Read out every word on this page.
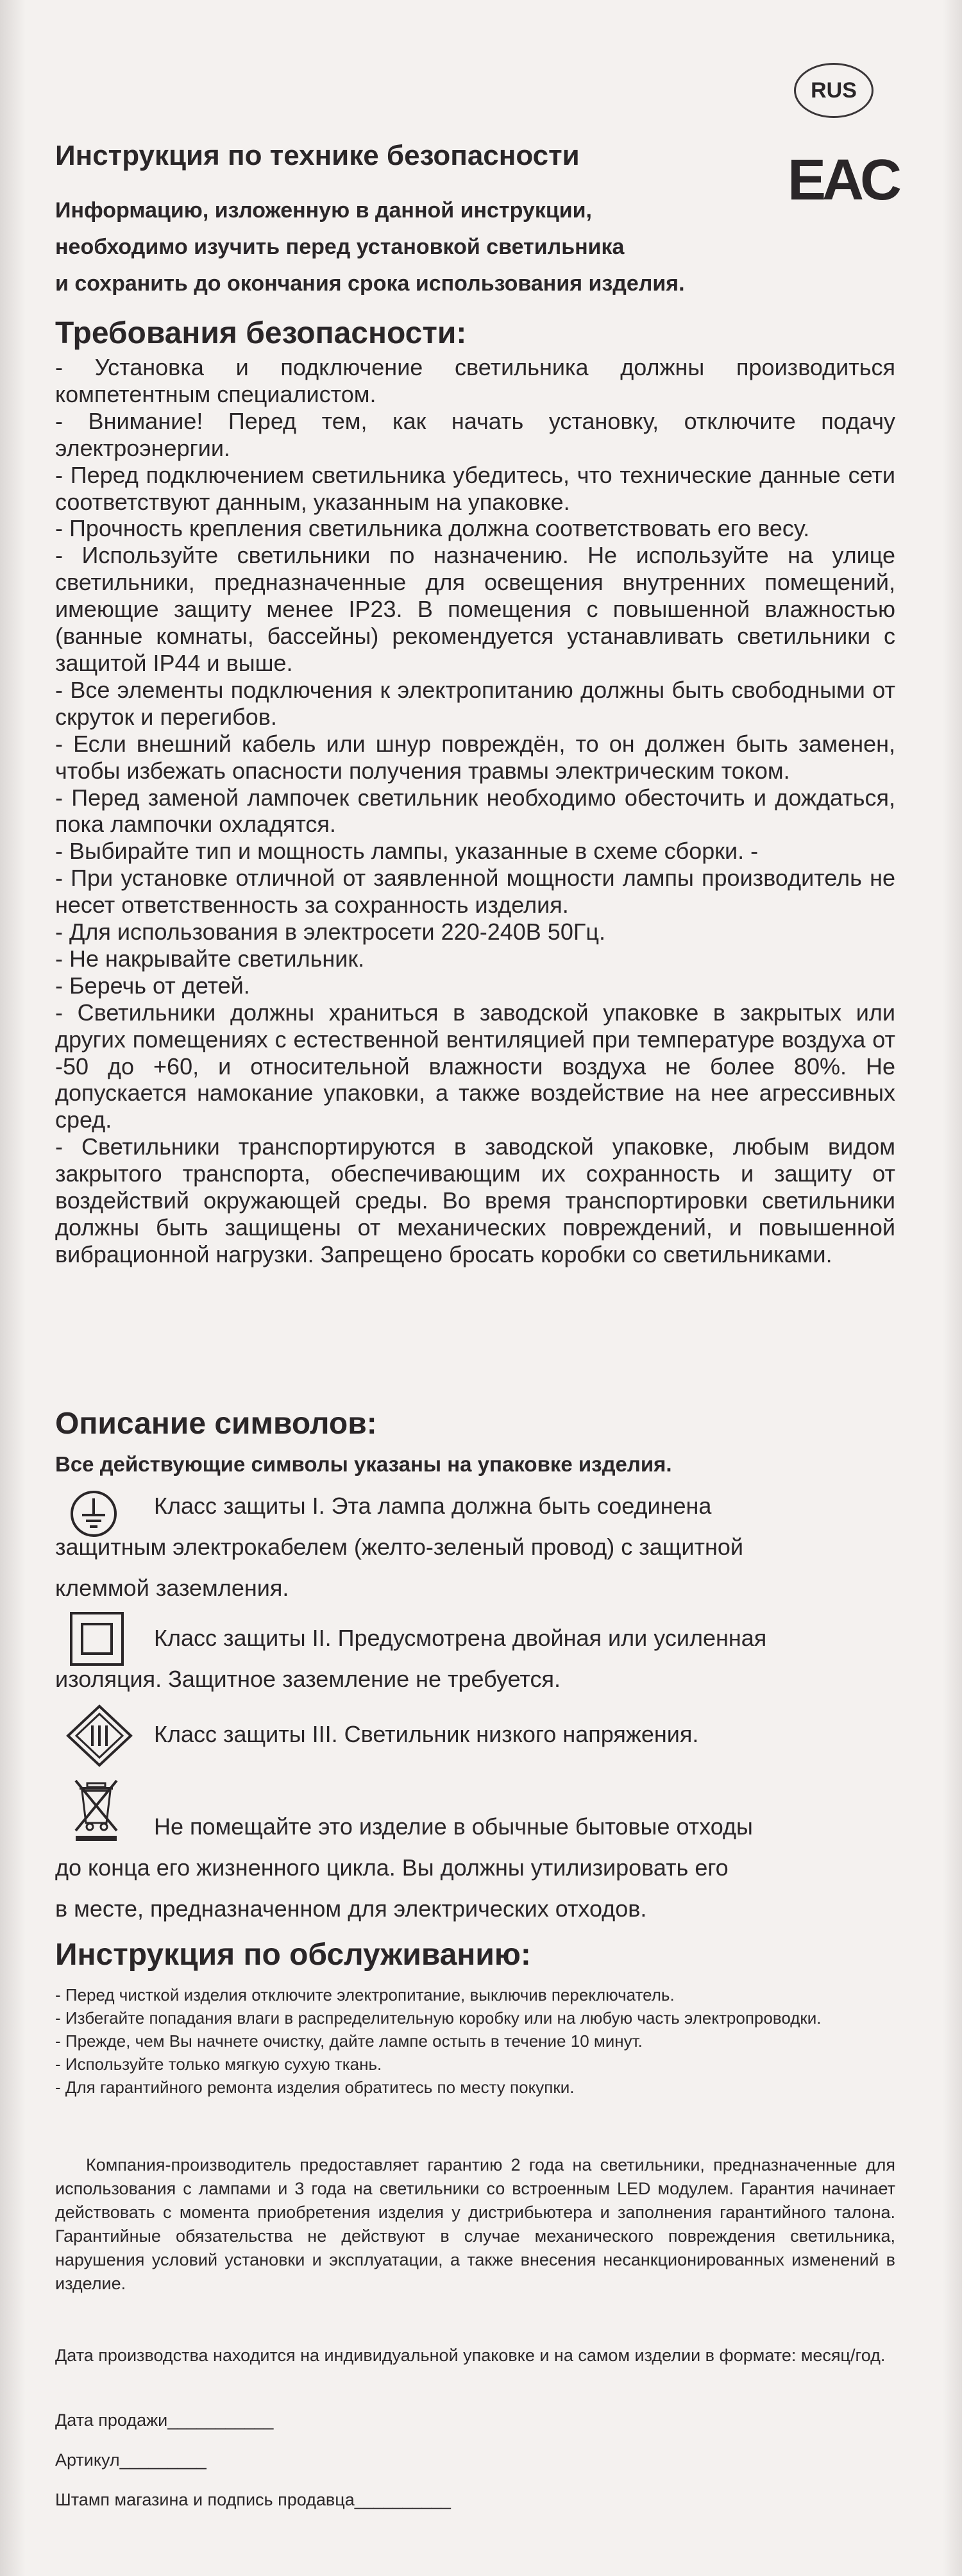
RUS
EAC
Инструкция по технике безопасности
Информацию, изложенную в данной инструкции,
необходимо изучить перед установкой светильника
и сохранить до окончания срока использования изделия.
Требования безопасности:

- Установка и подключение светильника должны производиться компетентным специалистом.

- Внимание! Перед тем, как начать установку, отключите подачу электроэнергии.

- Перед подключением светильника убедитесь, что технические данные сети соответствуют данным, указанным на упаковке.

- Прочность крепления светильника должна соответствовать его весу.

- Используйте светильники по назначению. Не используйте на улице светильники, предназначенные для освещения внутренних помещений, имеющие защиту менее IP23. В помещения с повышенной влажностью (ванные комнаты, бассейны) рекомендуется устанавливать светильники с защитой IP44 и выше.

- Все элементы подключения к электропитанию должны быть свободными от скруток и перегибов.

- Если внешний кабель или шнур повреждён, то он должен быть заменен, чтобы избежать опасности получения травмы электрическим током.

- Перед заменой лампочек светильник необходимо обесточить и дождаться, пока лампочки охладятся.

- Выбирайте тип и мощность лампы, указанные в схеме сборки. -

- При установке отличной от заявленной мощности лампы производитель не несет ответственность за сохранность изделия.

- Для использования в электросети 220-240В 50Гц.

- Не накрывайте светильник.

- Беречь от детей.

- Светильники должны храниться в заводской упаковке в закрытых или других помещениях с естественной вентиляцией при температуре воздуха от -50 до +60, и относительной влажности воздуха не более 80%. Не допускается намокание упаковки, а также воздействие на нее агрессивных сред.

- Светильники транспортируются в заводской упаковке, любым видом закрытого транспорта, обеспечивающим их сохранность и защиту от воздействий окружающей среды. Во время транспортировки светильники должны быть защищены от механических повреждений, и повышенной вибрационной нагрузки. Запрещено бросать коробки со светильниками.

Описание символов:
Все действующие символы указаны на упаковке изделия.

Класс защиты I. Эта лампа должна быть соединена

защитным электрокабелем (желто-зеленый провод) с защитной

клеммой заземления.

Класс защиты II. Предусмотрена двойная или усиленная

изоляция. Защитное заземление не требуется.

Класс защиты III. Светильник низкого напряжения.

Не помещайте это изделие в обычные бытовые отходы

до конца его жизненного цикла. Вы должны утилизировать его

в месте, предназначенном для электрических отходов.

Инструкция по обслуживанию:

- Перед чисткой изделия отключите электропитание, выключив переключатель.

- Избегайте попадания влаги в распределительную коробку или на любую часть электропроводки.

- Прежде, чем Вы начнете очистку, дайте лампе остыть в течение 10 минут.

- Используйте только мягкую сухую ткань.

- Для гарантийного ремонта изделия обратитесь по месту покупки.

Компания-производитель предоставляет гарантию 2 года на светильники, предназначенные для использования с лампами и 3 года на светильники со встроенным LED модулем. Гарантия начинает действовать с момента приобретения изделия у дистрибьютера и заполнения гарантийного талона. Гарантийные обязательства не действуют в случае механического повреждения светильника, нарушения условий установки и эксплуатации, а также внесения несанкционированных изменений в изделие.

Дата производства находится на индивидуальной упаковке и на самом изделии в формате: месяц/год.

Дата продажи___________
Артикул_________
Штамп магазина и подпись продавца__________
